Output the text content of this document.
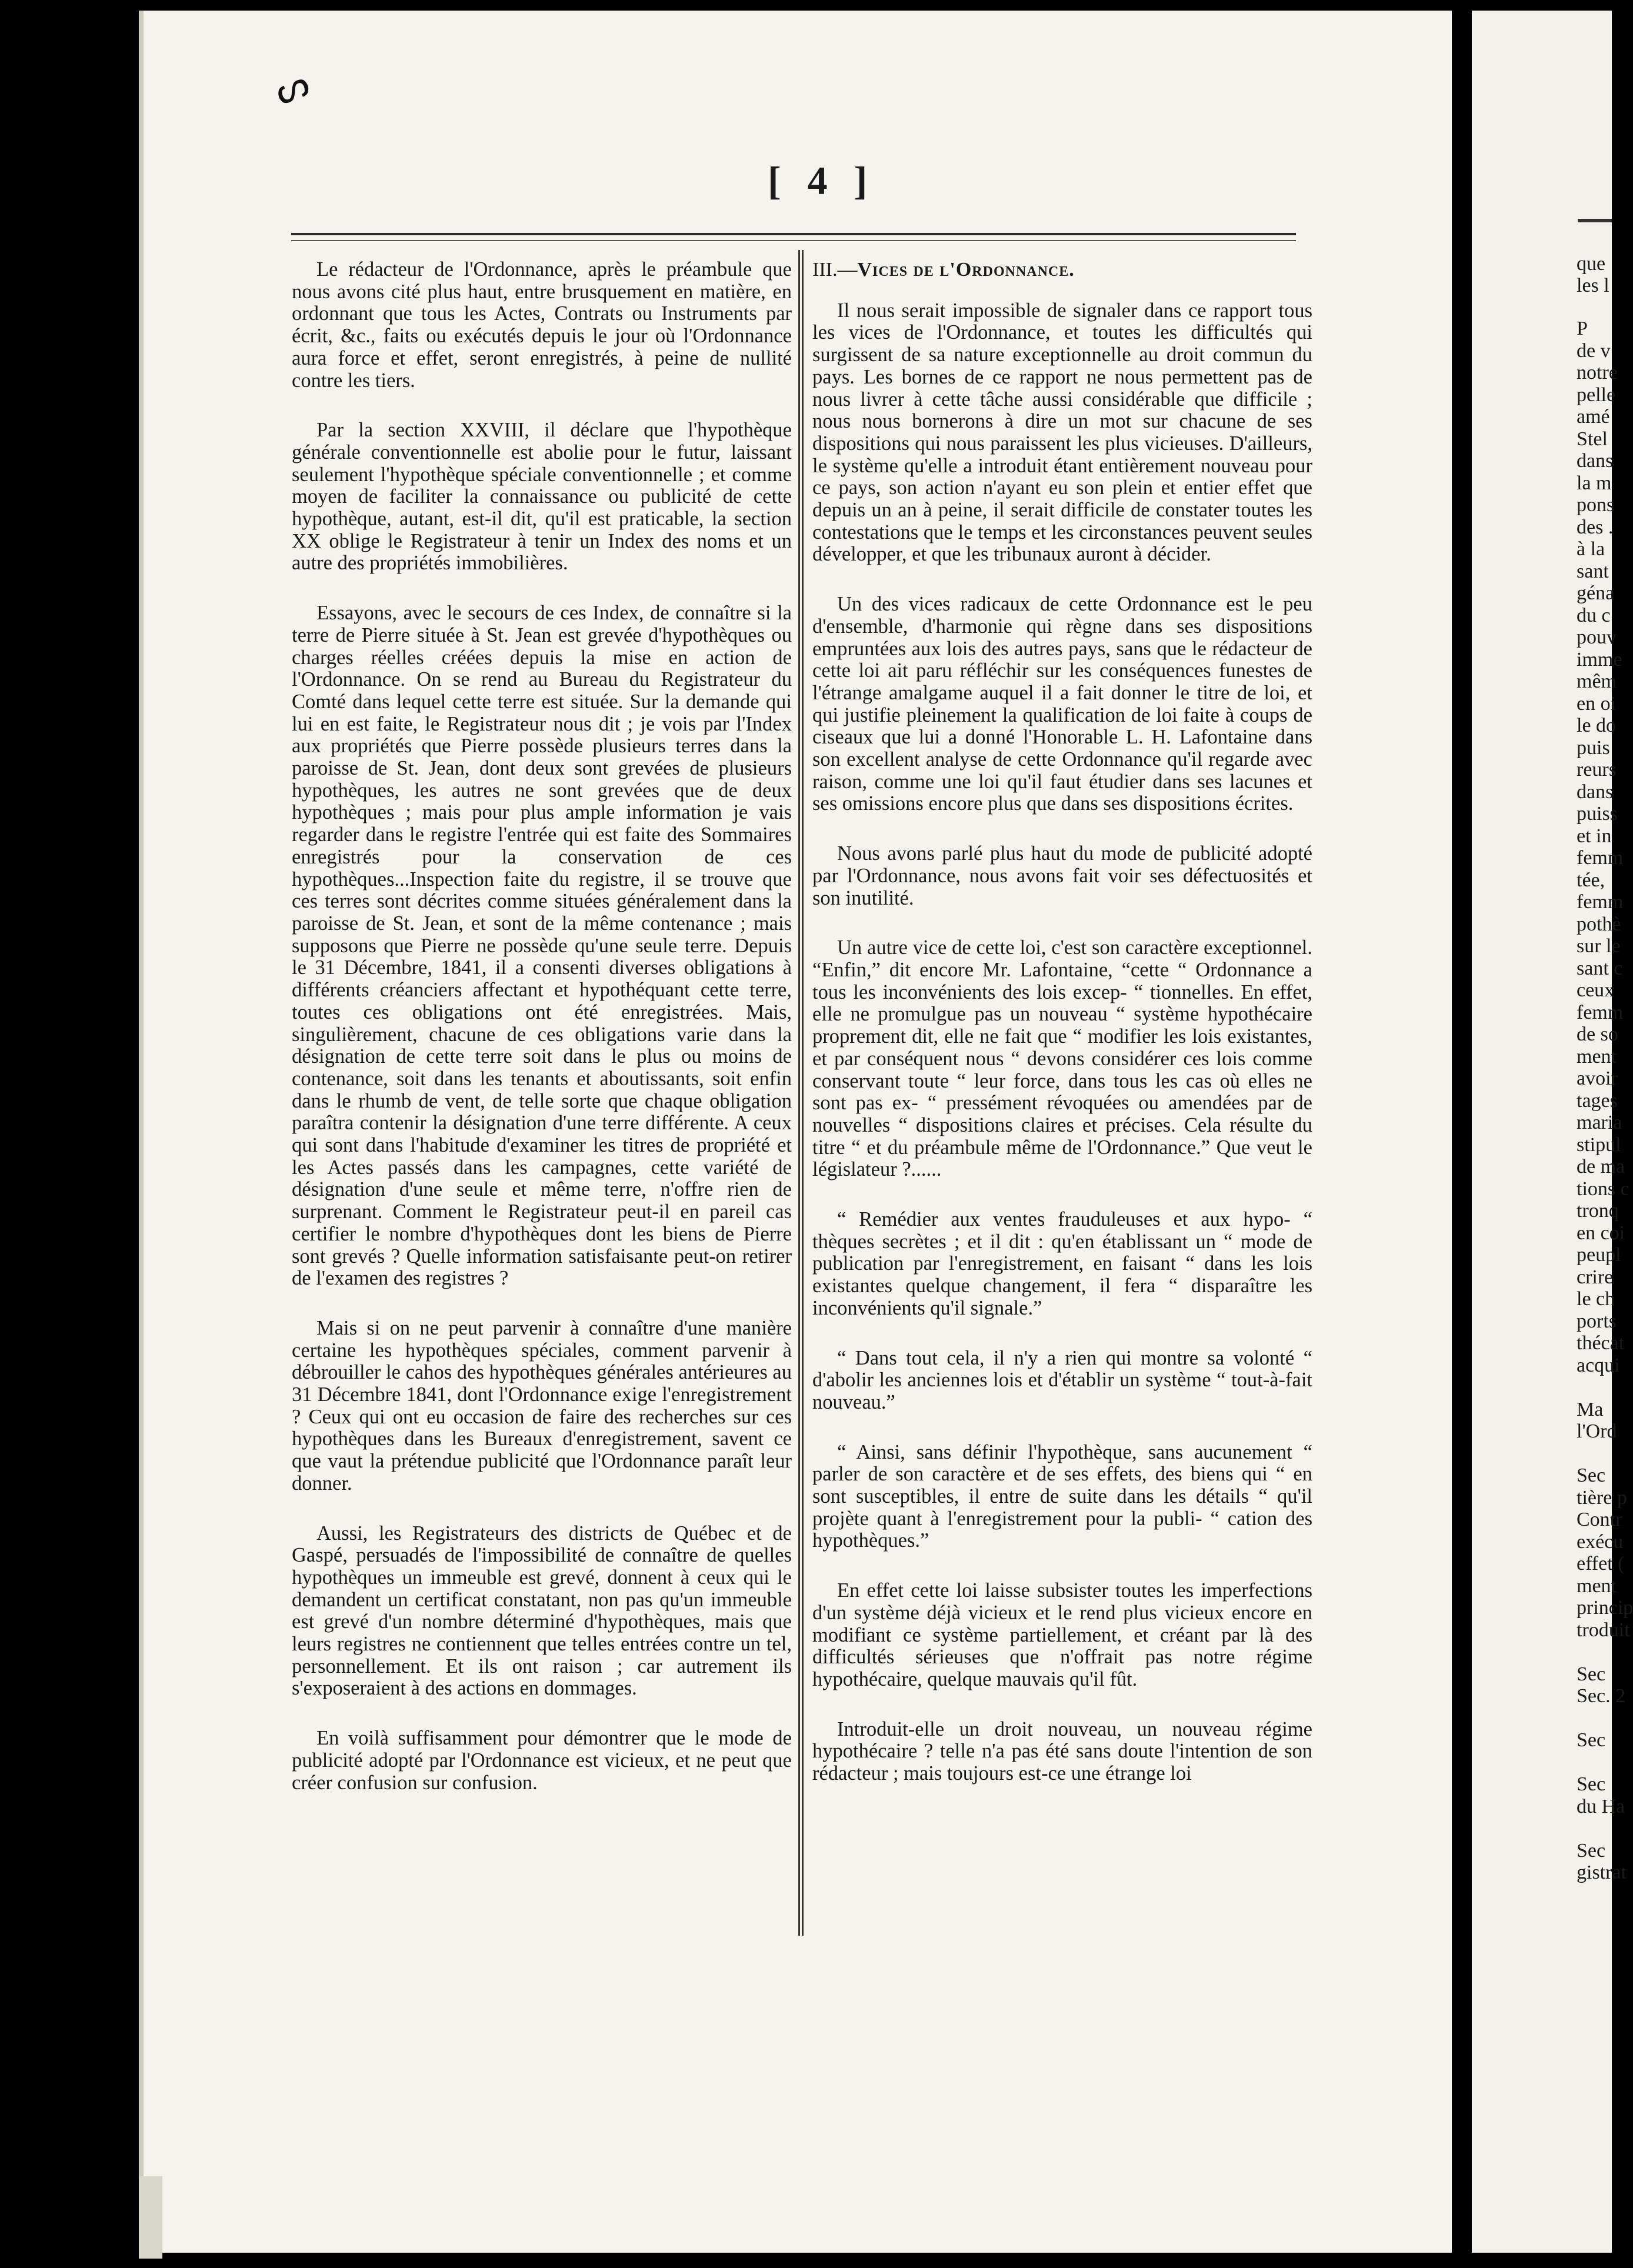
ᔕ
[ 4 ]

Le rédacteur de l'Ordonnance, après le préambule que nous avons cité plus haut, entre brusquement en matière, en ordonnant que tous les Actes, Contrats ou Instruments par écrit, &c., faits ou exécutés depuis le jour où l'Ordonnance aura force et effet, seront enregistrés, à peine de nullité contre les tiers.

Par la section XXVIII, il déclare que l'hypothèque générale conventionnelle est abolie pour le futur, laissant seulement l'hypothèque spéciale conventionnelle ; et comme moyen de faciliter la connaissance ou publicité de cette hypothèque, autant, est-il dit, qu'il est praticable, la section XX oblige le Registrateur à tenir un Index des noms et un autre des propriétés immobilières.

Essayons, avec le secours de ces Index, de connaître si la terre de Pierre située à St. Jean est grevée d'hypothèques ou charges réelles créées depuis la mise en action de l'Ordonnance. On se rend au Bureau du Registrateur du Comté dans lequel cette terre est située. Sur la demande qui lui en est faite, le Registrateur nous dit ; je vois par l'Index aux propriétés que Pierre possède plusieurs terres dans la paroisse de St. Jean, dont deux sont grevées de plusieurs hypothèques, les autres ne sont grevées que de deux hypothèques ; mais pour plus ample information je vais regarder dans le registre l'entrée qui est faite des Sommaires enregistrés pour la conservation de ces hypothèques...Inspection faite du registre, il se trouve que ces terres sont décrites comme situées généralement dans la paroisse de St. Jean, et sont de la même contenance ; mais supposons que Pierre ne possède qu'une seule terre. Depuis le 31 Décembre, 1841, il a consenti diverses obligations à différents créanciers affectant et hypothéquant cette terre, toutes ces obligations ont été enregistrées. Mais, singulièrement, chacune de ces obligations varie dans la désignation de cette terre soit dans le plus ou moins de contenance, soit dans les tenants et aboutissants, soit enfin dans le rhumb de vent, de telle sorte que chaque obligation paraîtra contenir la désignation d'une terre différente. A ceux qui sont dans l'habitude d'examiner les titres de propriété et les Actes passés dans les campagnes, cette variété de désignation d'une seule et même terre, n'offre rien de surprenant. Comment le Registrateur peut-il en pareil cas certifier le nombre d'hypothèques dont les biens de Pierre sont grevés ? Quelle information satisfaisante peut-on retirer de l'examen des registres ?

Mais si on ne peut parvenir à connaître d'une manière certaine les hypothèques spéciales, comment parvenir à débrouiller le cahos des hypothèques générales antérieures au 31 Décembre 1841, dont l'Ordonnance exige l'enregistrement ? Ceux qui ont eu occasion de faire des recherches sur ces hypothèques dans les Bureaux d'enregistrement, savent ce que vaut la prétendue publicité que l'Ordonnance paraît leur donner.

Aussi, les Registrateurs des districts de Québec et de Gaspé, persuadés de l'impossibilité de connaître de quelles hypothèques un immeuble est grevé, donnent à ceux qui le demandent un certificat constatant, non pas qu'un immeuble est grevé d'un nombre déterminé d'hypothèques, mais que leurs registres ne contiennent que telles entrées contre un tel, personnellement. Et ils ont raison ; car autrement ils s'exposeraient à des actions en dommages.

En voilà suffisamment pour démontrer que le mode de publicité adopté par l'Ordonnance est vicieux, et ne peut que créer confusion sur confusion.

III.—Vices de l'Ordonnance.

Il nous serait impossible de signaler dans ce rapport tous les vices de l'Ordonnance, et toutes les difficultés qui surgissent de sa nature exceptionnelle au droit commun du pays. Les bornes de ce rapport ne nous permettent pas de nous livrer à cette tâche aussi considérable que difficile ; nous nous bornerons à dire un mot sur chacune de ses dispositions qui nous paraissent les plus vicieuses. D'ailleurs, le système qu'elle a introduit étant entièrement nouveau pour ce pays, son action n'ayant eu son plein et entier effet que depuis un an à peine, il serait difficile de constater toutes les contestations que le temps et les circonstances peuvent seules développer, et que les tribunaux auront à décider.

Un des vices radicaux de cette Ordonnance est le peu d'ensemble, d'harmonie qui règne dans ses dispositions empruntées aux lois des autres pays, sans que le rédacteur de cette loi ait paru réfléchir sur les conséquences funestes de l'étrange amalgame auquel il a fait donner le titre de loi, et qui justifie pleinement la qualification de loi faite à coups de ciseaux que lui a donné l'Honorable L. H. Lafontaine dans son excellent analyse de cette Ordonnance qu'il regarde avec raison, comme une loi qu'il faut étudier dans ses lacunes et ses omissions encore plus que dans ses dispositions écrites.

Nous avons parlé plus haut du mode de publicité adopté par l'Ordonnance, nous avons fait voir ses défectuosités et son inutilité.

Un autre vice de cette loi, c'est son caractère exceptionnel. “Enfin,” dit encore Mr. Lafontaine, “cette “ Ordonnance a tous les inconvénients des lois excep- “ tionnelles. En effet, elle ne promulgue pas un nouveau “ système hypothécaire proprement dit, elle ne fait que “ modifier les lois existantes, et par conséquent nous “ devons considérer ces lois comme conservant toute “ leur force, dans tous les cas où elles ne sont pas ex- “ pressément révoquées ou amendées par de nouvelles “ dispositions claires et précises. Cela résulte du titre “ et du préambule même de l'Ordonnance.” Que veut le législateur ?......

“ Remédier aux ventes frauduleuses et aux hypo- “ thèques secrètes ; et il dit : qu'en établissant un “ mode de publication par l'enregistrement, en faisant “ dans les lois existantes quelque changement, il fera “ disparaître les inconvénients qu'il signale.”

“ Dans tout cela, il n'y a rien qui montre sa volonté “ d'abolir les anciennes lois et d'établir un système “ tout-à-fait nouveau.”

“ Ainsi, sans définir l'hypothèque, sans aucunement “ parler de son caractère et de ses effets, des biens qui “ en sont susceptibles, il entre de suite dans les détails “ qu'il projète quant à l'enregistrement pour la publi- “ cation des hypothèques.”

En effet cette loi laisse subsister toutes les imperfections d'un système déjà vicieux et le rend plus vicieux encore en modifiant ce système partiellement, et créant par là des difficultés sérieuses que n'offrait pas notre régime hypothécaire, quelque mauvais qu'il fût.

Introduit-elle un droit nouveau, un nouveau régime hypothécaire ? telle n'a pas été sans doute l'intention de son rédacteur ; mais toujours est-ce une étrange loi

que
les l
P
de v
notre
pelle
amé
Stel
dans
la m
pons
des .
à la
sant
géna
du c
pouv
imme
mêm
en oi
le do
puis
reurs
dans
puiss
et in
femm
tée,
femm
pothè
sur le
sant c
ceux
femm
de so
ment
avoir
tages
maria
stipul
de ma
tions c
tronq
en coi
peupl
crire
le ch
ports
thécat
acqui

Ma
l'Ord

Sec
tière p
Contr
exécu
effet (
ment
princip
troduit

Sec
Sec. 2

Sec

Sec
du Ha

Sec
gistrat
